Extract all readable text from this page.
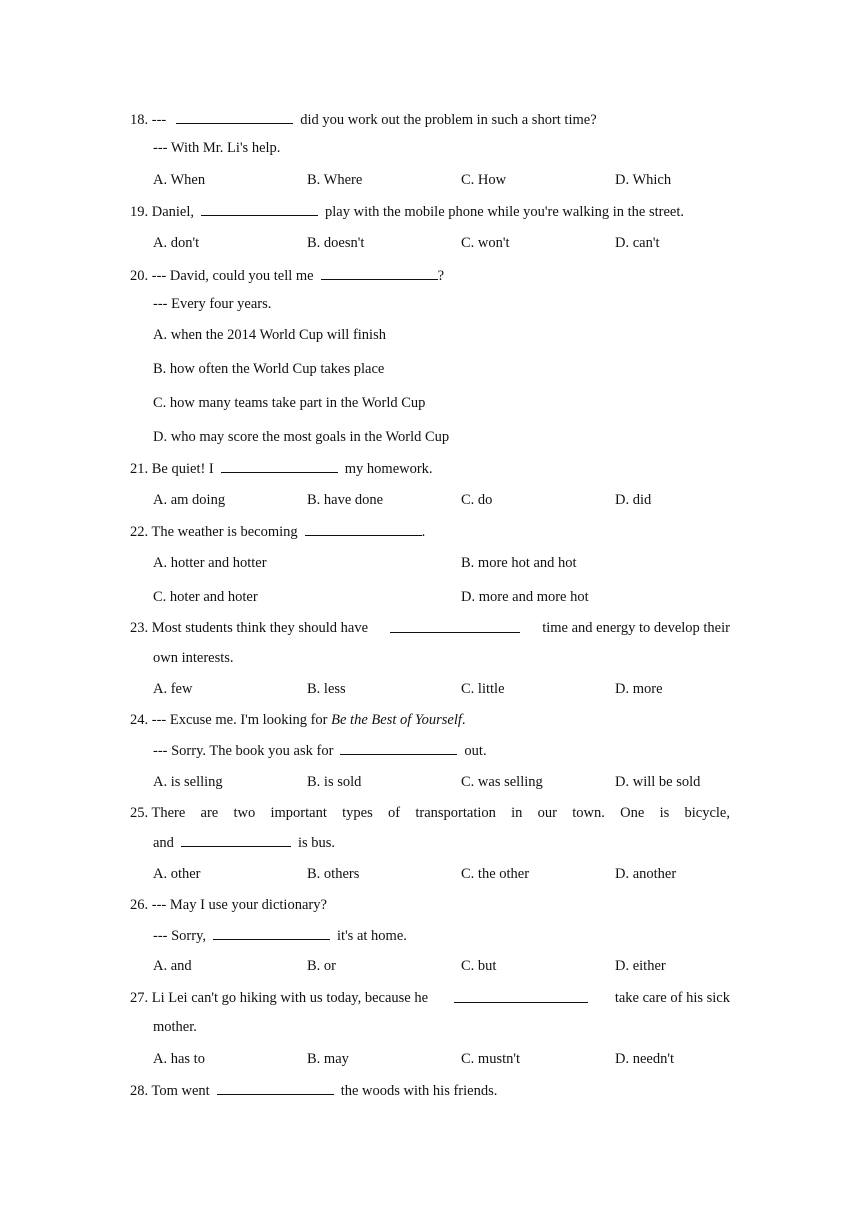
18. ---	did you work out the problem in such a short time?
--- With Mr. Li's help.
A. When	B. Where	C. How	D. Which
19. Daniel,	play with the mobile phone while you're walking in the street.
A. don't	B. doesn't	C. won't	D. can't
20. --- David, could you tell me	?
--- Every four years.
A. when the 2014 World Cup will finish
B. how often the World Cup takes place
C. how many teams take part in the World Cup
D. who may score the most goals in the World Cup
21. Be quiet! I	my homework.
A. am doing	B. have done	C. do	D. did
22. The weather is becoming	.
A. hotter and hotter	B. more hot and hot
C. hoter and hoter	D. more and more hot
23. Most students think they should have	time and energy to develop their
own interests.
A. few	B. less	C. little	D. more
24. --- Excuse me. I'm looking for Be the Best of Yourself.
--- Sorry. The book you ask for	out.
A. is selling	B. is sold	C. was selling	D. will be sold
25. There are two important types of transportation in our town. One is bicycle,
and	is bus.
A. other	B. others	C. the other	D. another
26. --- May I use your dictionary?
--- Sorry,	it's at home.
A. and	B. or	C. but	D. either
27. Li Lei can't go hiking with us today, because he	take care of his sick
mother.
A. has to	B. may	C. mustn't	D. needn't
28. Tom went	the woods with his friends.
